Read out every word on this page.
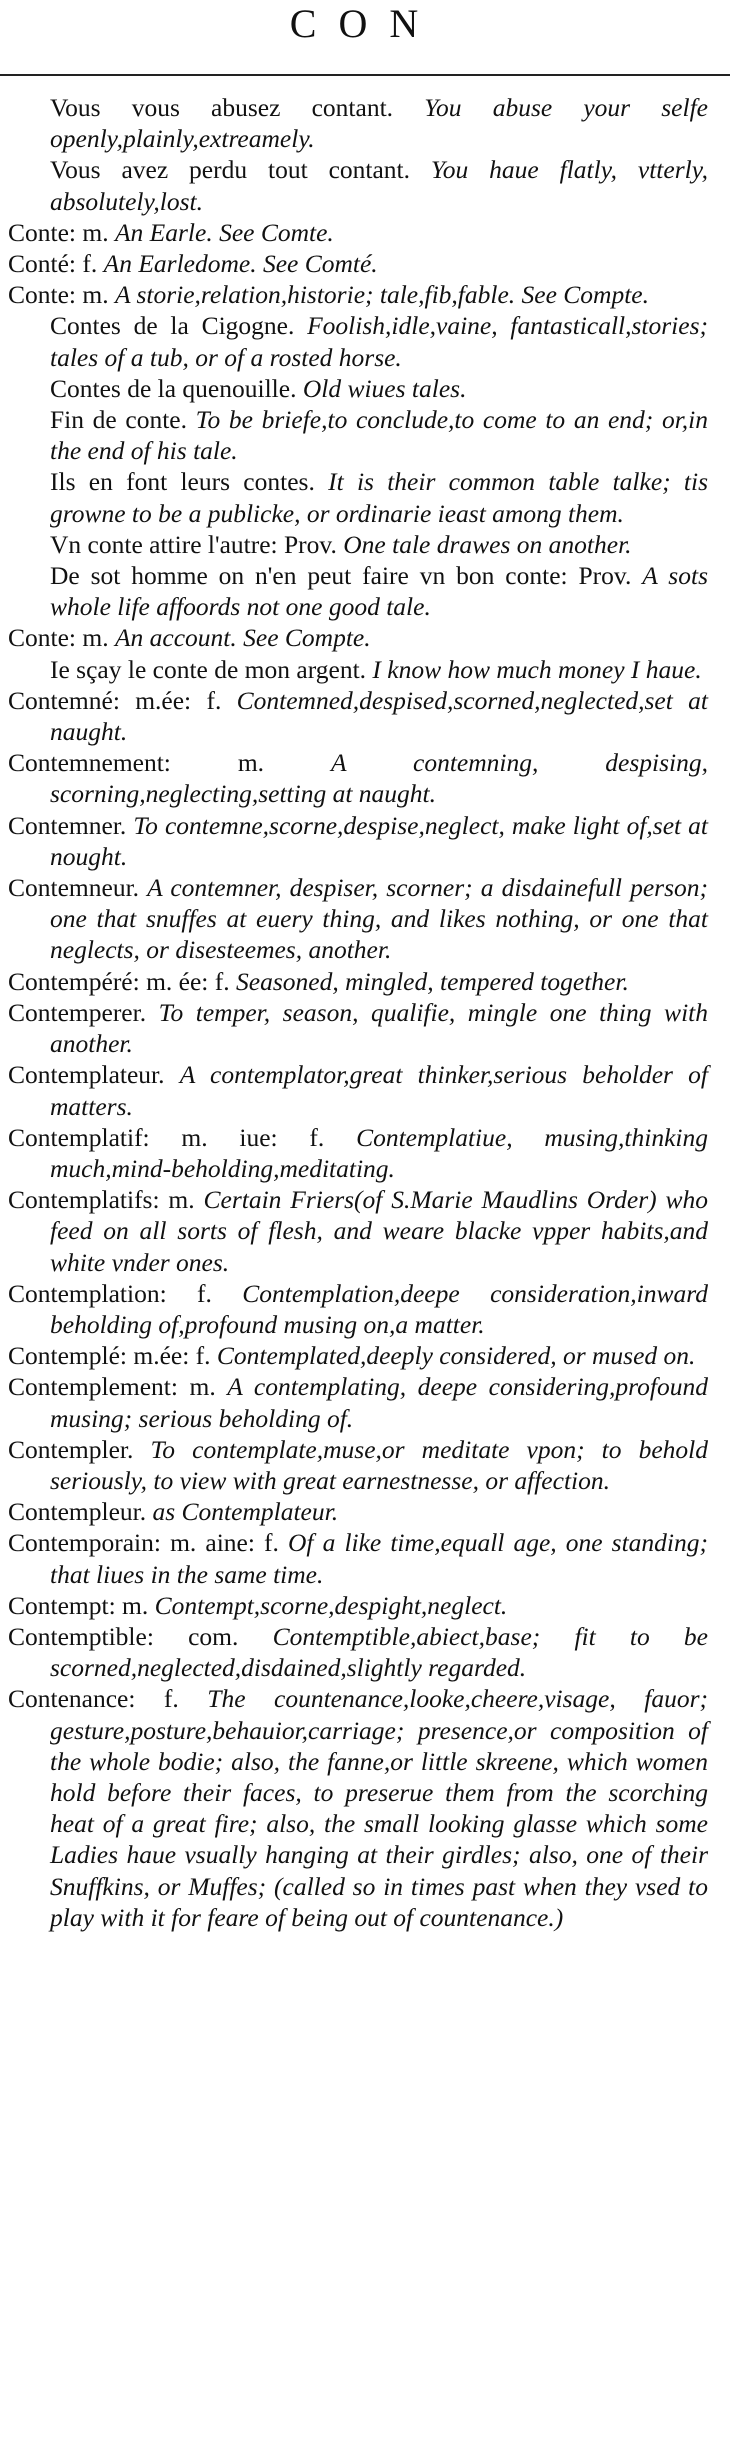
CON

Vous vous abusez contant. You abuse your selfe openly,plainly,extreamely.

Vous avez perdu tout contant. You haue flatly, vtterly, absolutely,lost.

Conte: m. An Earle. See Comte.

Conté: f. An Earledome. See Comté.

Conte: m. A storie,relation,historie; tale,fib,fable. See Compte.

Contes de la Cigogne. Foolish,idle,vaine, fantasticall,stories; tales of a tub, or of a rosted horse.

Contes de la quenouille. Old wiues tales.

Fin de conte. To be briefe,to conclude,to come to an end; or,in the end of his tale.

Ils en font leurs contes. It is their common table talke; tis growne to be a publicke, or ordinarie ieast among them.

Vn conte attire l'autre: Prov. One tale drawes on another.

De sot homme on n'en peut faire vn bon conte: Prov. A sots whole life affoords not one good tale.

Conte: m. An account. See Compte.

Ie sçay le conte de mon argent. I know how much money I haue.

Contemné: m.ée: f. Contemned,despised,scorned,neglected,set at naught.

Contemnement: m. A contemning, despising, scorning,neglecting,setting at naught.

Contemner. To contemne,scorne,despise,neglect, make light of,set at nought.

Contemneur. A contemner, despiser, scorner; a disdainefull person; one that snuffes at euery thing, and likes nothing, or one that neglects, or disesteemes, another.

Contempéré: m. ée: f. Seasoned, mingled, tempered together.

Contemperer. To temper, season, qualifie, mingle one thing with another.

Contemplateur. A contemplator,great thinker,serious beholder of matters.

Contemplatif: m. iue: f. Contemplatiue, musing,thinking much,mind-beholding,meditating.

Contemplatifs: m. Certain Friers(of S.Marie Maudlins Order) who feed on all sorts of flesh, and weare blacke vpper habits,and white vnder ones.

Contemplation: f. Contemplation,deepe consideration,inward beholding of,profound musing on,a matter.

Contemplé: m.ée: f. Contemplated,deeply considered, or mused on.

Contemplement: m. A contemplating, deepe considering,profound musing; serious beholding of.

Contempler. To contemplate,muse,or meditate vpon; to behold seriously, to view with great earnestnesse, or affection.

Contempleur. as Contemplateur.

Contemporain: m. aine: f. Of a like time,equall age, one standing; that liues in the same time.

Contempt: m. Contempt,scorne,despight,neglect.

Contemptible: com. Contemptible,abiect,base; fit to be scorned,neglected,disdained,slightly regarded.

Contenance: f. The countenance,looke,cheere,visage, fauor; gesture,posture,behauior,carriage; presence,or composition of the whole bodie; also, the fanne,or little skreene, which women hold before their faces, to preserue them from the scorching heat of a great fire; also, the small looking glasse which some Ladies haue vsually hanging at their girdles; also, one of their Snuffkins, or Muffes; (called so in times past when they vsed to play with it for feare of being out of countenance.)
